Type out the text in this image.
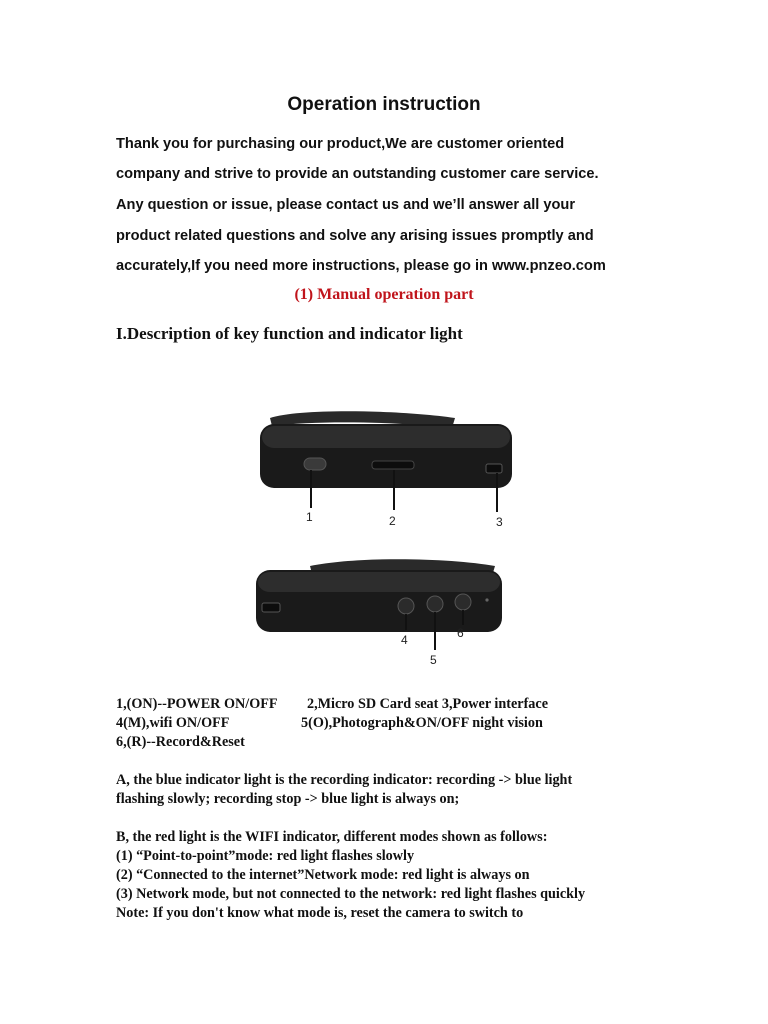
Operation instruction
Thank you for purchasing our product,We are customer oriented
company and strive to provide an outstanding customer care service.
Any question or issue, please contact us and we’ll answer all your
product related questions and solve any arising issues promptly and
accurately,If you need more instructions, please go in www.pnzeo.com
(1) Manual operation part
I.Description of key function and indicator light
1	2	3
4
5
6
1,(ON)--POWER ON/OFF 2,Micro SD Card seat 3,Power interface
4(M),wifi ON/OFF	5(O),Photograph&ON/OFF night vision
6,(R)--Record&Reset
A, the blue indicator light is the recording indicator: recording -> blue light
flashing slowly; recording stop -> blue light is always on;
B, the red light is the WIFI indicator, different modes shown as follows:
(1) “Point-to-point”mode: red light flashes slowly
(2) “Connected to the internet”Network mode: red light is always on
(3) Network mode, but not connected to the network: red light flashes quickly
Note: If you don't know what mode is, reset the camera to switch to
